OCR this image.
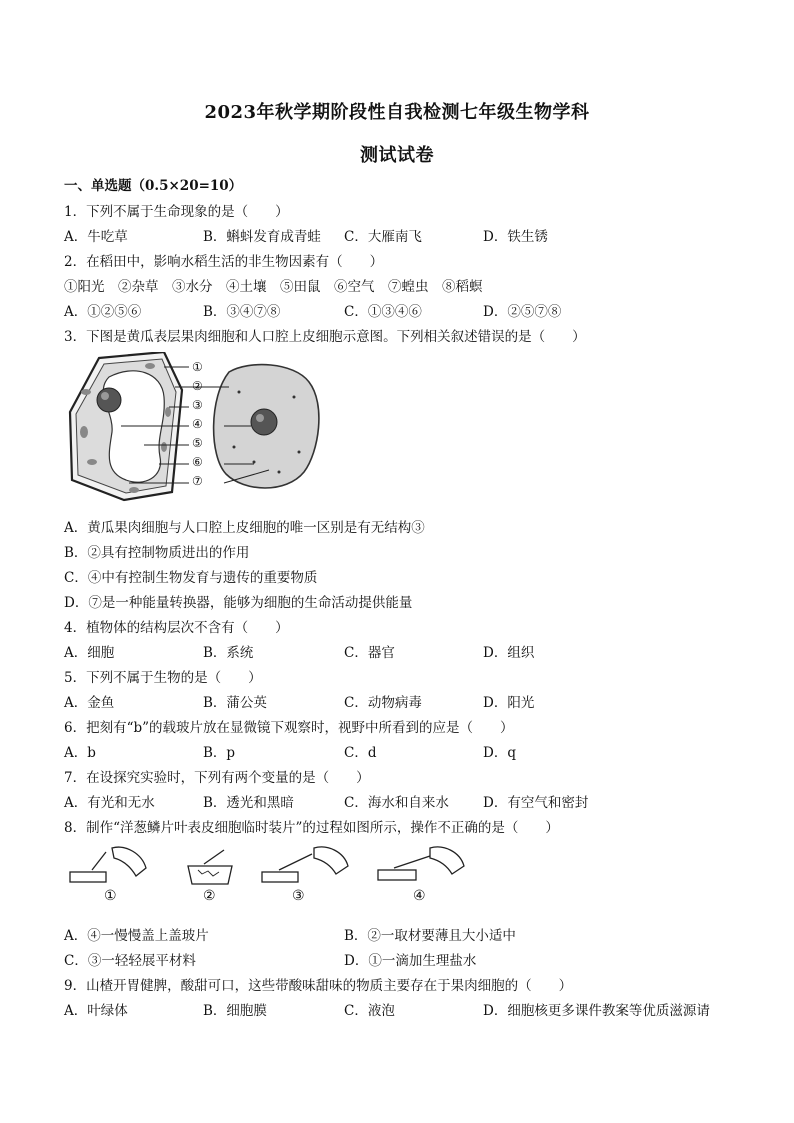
2023年秋学期阶段性自我检测七年级生物学科
测试试卷
一、单选题（0.5×20=10）
1．下列不属于生命现象的是（　　）
A．牛吃草	B．蝌蚪发育成青蛙 C．大雁南飞	D．铁生锈
2．在稻田中，影响水稻生活的非生物因素有（　　）
①阳光　②杂草　③水分　④土壤　⑤田鼠　⑥空气　⑦蝗虫　⑧稻螟
A．①②⑤⑥	B．③④⑦⑧	C．①③④⑥	D．②⑤⑦⑧
3．下图是黄瓜表层果肉细胞和人口腔上皮细胞示意图。下列相关叙述错误的是（　　）
①
②
③
④
⑤
⑥
⑦
A．黄瓜果肉细胞与人口腔上皮细胞的唯一区别是有无结构③
B．②具有控制物质进出的作用
C．④中有控制生物发育与遗传的重要物质
D．⑦是一种能量转换器，能够为细胞的生命活动提供能量
4．植物体的结构层次不含有（　　）
A．细胞	B．系统	C．器官	D．组织
5．下列不属于生物的是（　　）
A．金鱼	B．蒲公英	C．动物病毒	D．阳光
6．把刻有“b”的载玻片放在显微镜下观察时，视野中所看到的应是（　　）
A．b	B．p	C．d	D．q
7．在设探究实验时，下列有两个变量的是（　　）
A．有光和无水	B．透光和黑暗	C．海水和自来水	D．有空气和密封
8．制作“洋葱鳞片叶表皮细胞临时装片”的过程如图所示，操作不正确的是（　　）
①	②	③	④
A．④一慢慢盖上盖玻片	B．②一取材要薄且大小适中
C．③一轻轻展平材料	D．①一滴加生理盐水
9．山楂开胃健脾，酸甜可口，这些带酸味甜味的物质主要存在于果肉细胞的（　　）
A．叶绿体	B．细胞膜	C．液泡	D．细胞核更多课件教案等优质滋源请
